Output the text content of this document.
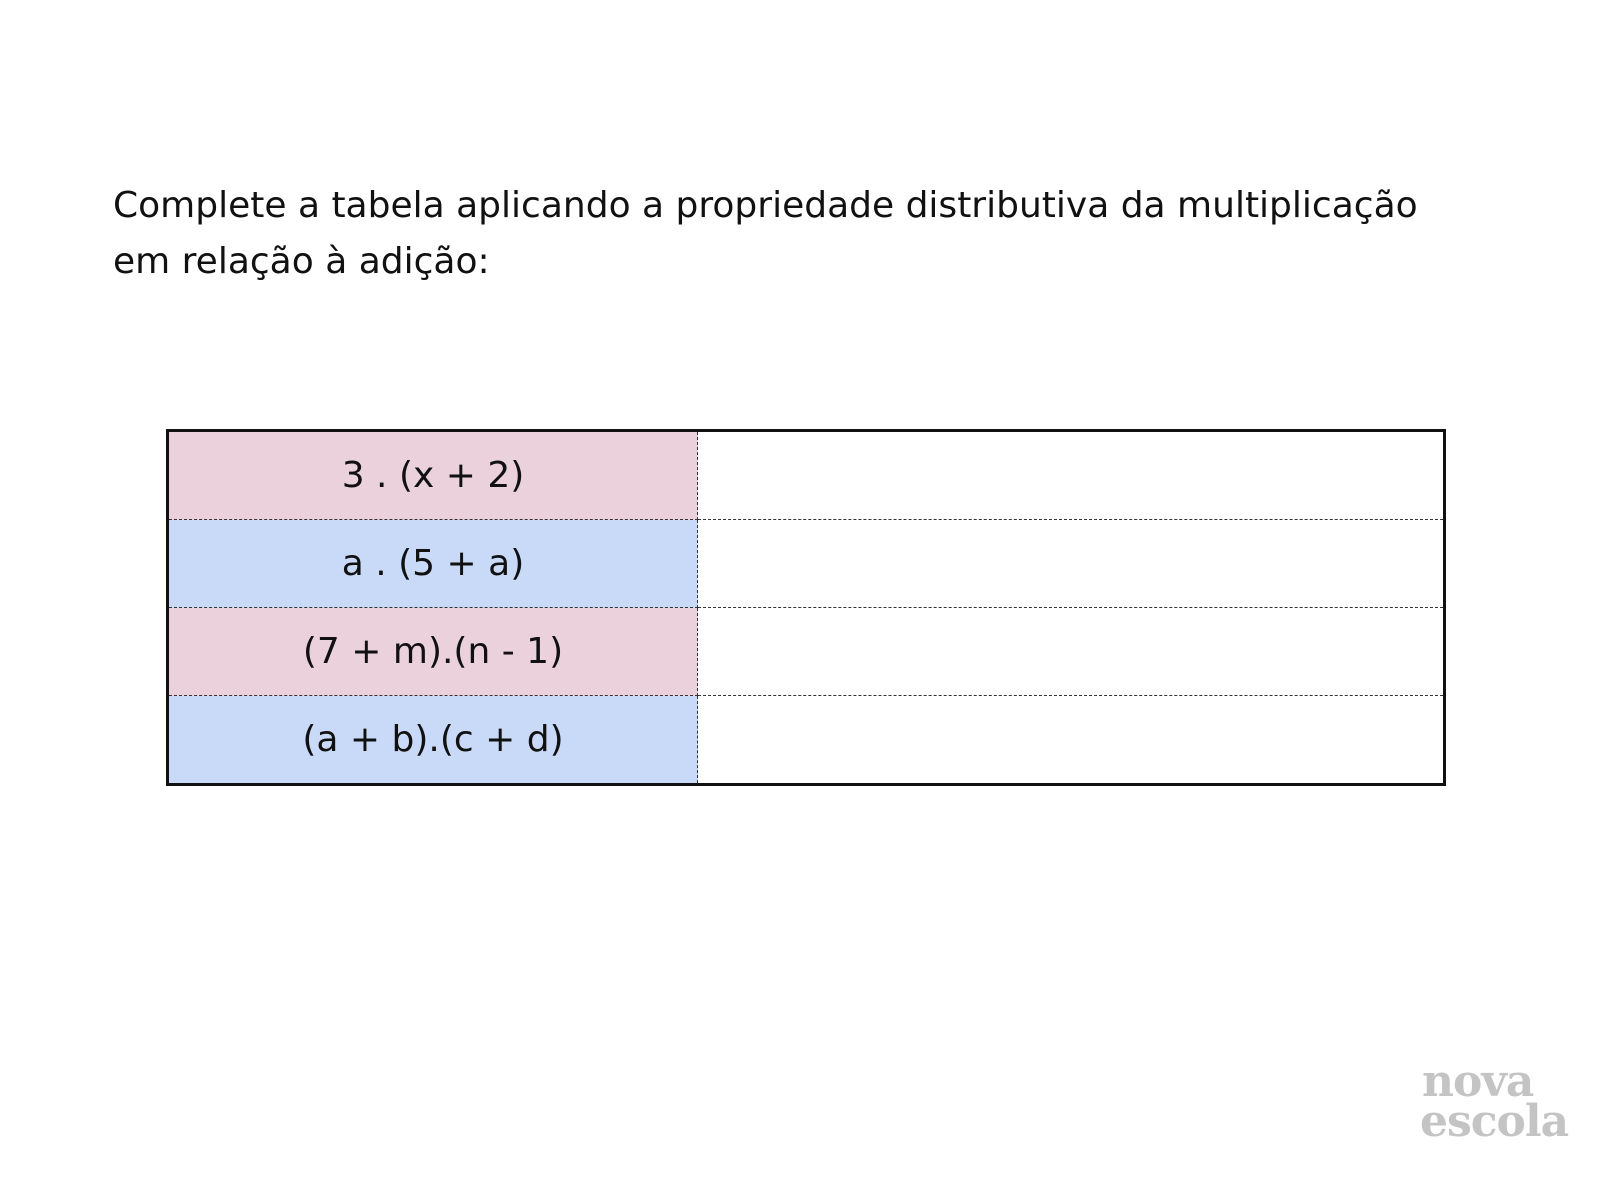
Complete a tabela aplicando a propriedade distributiva da multiplicação
em relação à adição:

3 . (x + 2)	
a . (5 + a)	
(7 + m).(n - 1)	
(a + b).(c + d)	
nova
escola
